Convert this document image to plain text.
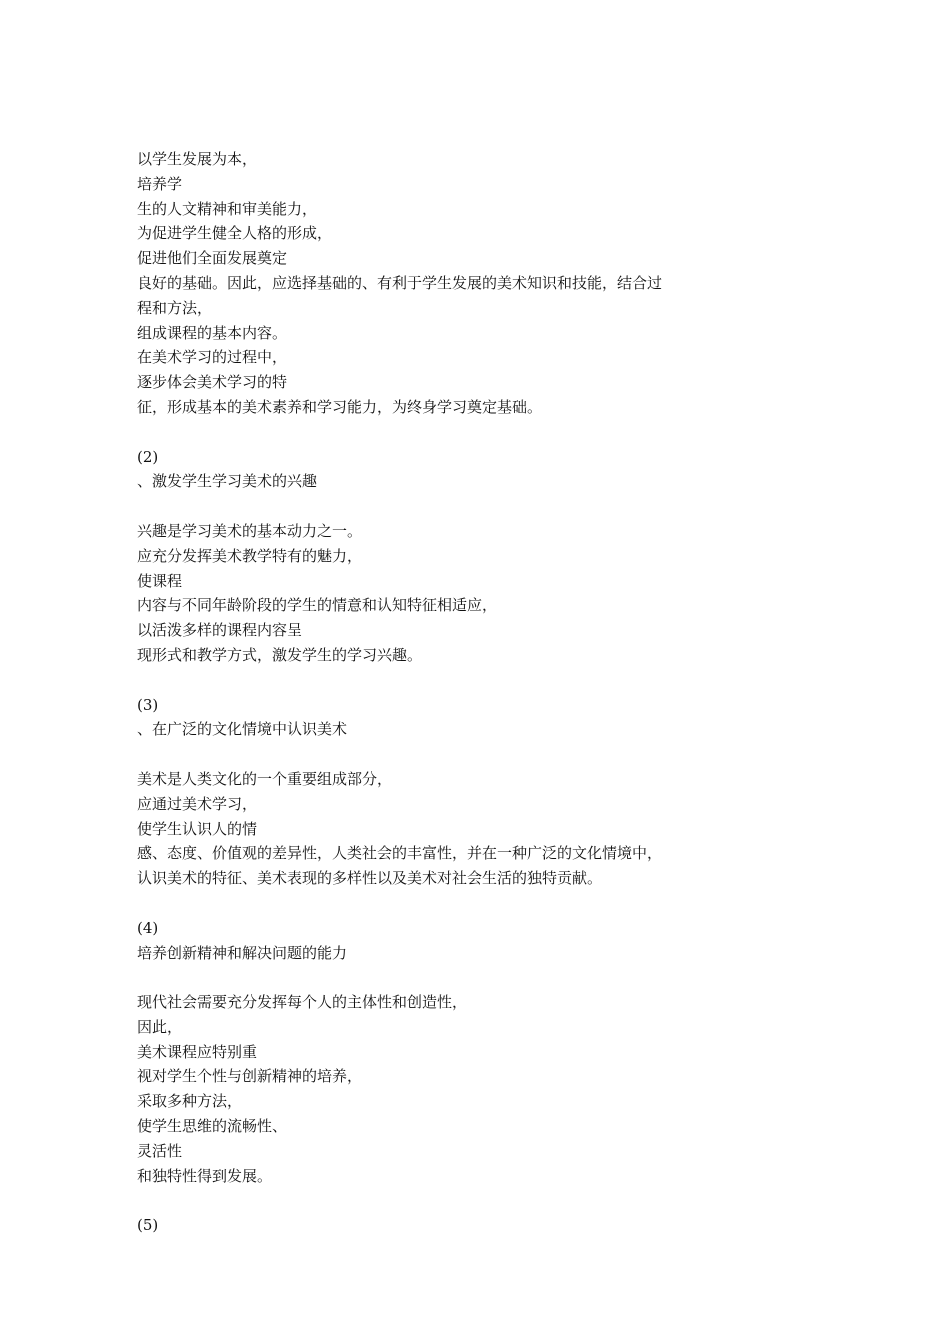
以学生发展为本，
培养学
生的人文精神和审美能力，
为促进学生健全人格的形成，
促进他们全面发展奠定
良好的基础。因此，应选择基础的、有利于学生发展的美术知识和技能，结合过
程和方法，
组成课程的基本内容。
在美术学习的过程中，
逐步体会美术学习的特
征，形成基本的美术素养和学习能力，为终身学习奠定基础。
(2)
、激发学生学习美术的兴趣
兴趣是学习美术的基本动力之一。
应充分发挥美术教学特有的魅力，
使课程
内容与不同年龄阶段的学生的情意和认知特征相适应，
以活泼多样的课程内容呈
现形式和教学方式，激发学生的学习兴趣。
(3)
、在广泛的文化情境中认识美术
美术是人类文化的一个重要组成部分，
应通过美术学习，
使学生认识人的情
感、态度、价值观的差异性，人类社会的丰富性，并在一种广泛的文化情境中，
认识美术的特征、美术表现的多样性以及美术对社会生活的独特贡献。
(4)
培养创新精神和解决问题的能力
现代社会需要充分发挥每个人的主体性和创造性，
因此，
美术课程应特别重
视对学生个性与创新精神的培养，
采取多种方法，
使学生思维的流畅性、
灵活性
和独特性得到发展。
(5)
